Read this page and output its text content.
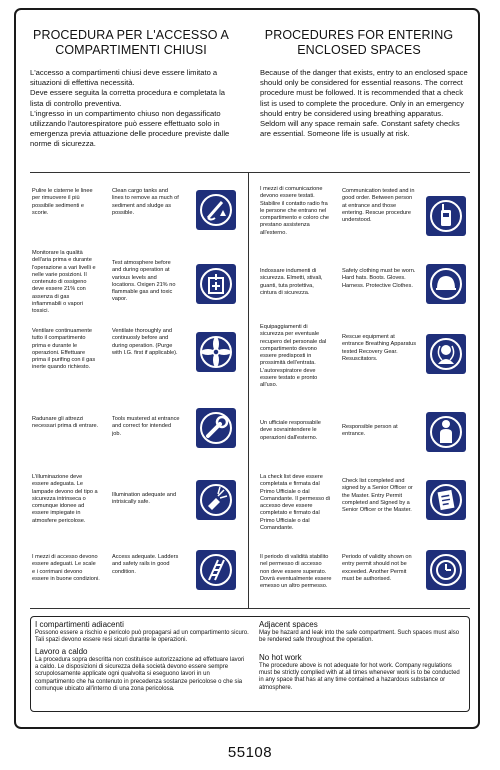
PROCEDURA PER L'ACCESSO A COMPARTIMENTI CHIUSI
PROCEDURES FOR ENTERING ENCLOSED SPACES

L'accesso a compartimenti chiusi deve essere limitato a situazioni di effettiva necessità.

Deve essere seguita la corretta procedura e completata la lista di controllo preventiva.

L'ingresso in un compartimento chiuso non degassificato utilizzando l'autorespiratore può essere effettuato solo in emergenza previa attuazione delle procedure previste dalle norme di sicurezza.

Because of the danger that exists, entry to an enclosed space should only be considered for essential reasons. The correct procedure must be followed. It is recommended that a check list is used to complete the procedure. Only in an emergency should entry be considered using breathing apparatus. Seldom will any space remain safe. Constant safety checks are essential. Someone life is usually at risk.

Pulire le cisterne le linee per rimuovere il più possibile sedimenti e scorie.

Clean cargo tanks and lines to remove as much of sediment and sludge as possible.

Monitorare la qualità dell'aria prima e durante l'operazione a vari livelli e nelle varie posizioni. Il contenuto di ossigeno deve essere 21% con assenza di gas infiammabili o vapori tossici.

Test atmosphere before and during operation at various levels and locations. Oxigen 21% no flammable gas and toxic vapor.

Ventilare continuamente tutto il compartimento prima e durante le operazioni. Effettuare prima il purifing con il gas inerte quando richiesto.

Ventilate thoroughly and continuosly before and during operation. (Purge with I.G. first if applicable).

Radunare gli attrezzi necessari prima di entrare.

Tools mustered at entrance and correct for intended job.

L'illuminazione deve essere adeguata. Le lampade devono del tipo a sicurezza intrinseca o comunque idonee ad essere impiegate in atmosfere pericolose.

Illumination adequate and intrisically safe.

I mezzi di accesso devono essere adeguati. Le scale e i corrimani devono essere in buone condizioni.

Access adequate. Ladders and safety rails in good condition.

I mezzi di comunicazione devono essere testati. Stabilire il contatto radio fra le persone che entrano nel compartimento e coloro che prestano assistenza all'esterno.

Communication tested and in good order. Between person at entrance and those entering. Rescue procedure understood.

Indossare indumenti di sicurezza. Elmetti, stivali, guanti, tuta protettiva, cintura di sicurezza.

Safety clothing must be worn. Hard hats. Boots. Gloves. Harness. Protective Clothes.

Equipaggiamenti di sicurezza per eventuale recupero del personale dal compartimento devono essere predisposti in prossimità dell'entrata. L'autorespiratore deve essere testato e pronto all'uso.

Rescue equipment at entrance Breathing Apparatus tested Recovery Gear. Resuscitators.

Un ufficiale responsabile deve sovraintendere le operazioni dall'esterno.

Responsible person at entrance.

La check list deve essere completata e firmata dal Primo Ufficiale o dal Comandante. Il permesso di accesso deve essere completato e firmato dal Primo Ufficiale o dal Comandante.

Check list completed and signed by a Senior Officer or the Master. Entry Permit completed and Signed by a Senior Officer or the Master.

Il periodo di validità stabilito nel permesso di accesso non deve essere superato. Dovrà eventualmente essere emesso un altro permesso.

Periodo of validity shown on entry permit should not be exceeded. Another Permit must be authorised.

I compartimenti adiacenti

Possono essere a rischio e pericolo può propagarsi ad un compartimento sicuro. Tali spazi devono essere resi sicuri durante le operazioni.

Lavoro a caldo

La procedura sopra descritta non costituisce autorizzazione ad effettuare lavori a caldo. Le disposizioni di sicurezza della società devono essere sempre scrupolosamente applicate ogni qualvolta si eseguono lavori in un compartimento che ha contenuto in precedenza sostanze pericolose o che sia comunque ubicato all'interno di una zona pericolosa.

Adjacent spaces

May be hazard and leak into the safe compartment. Such spaces must also be rendered safe throughout the operation.

No hot work

The procedure above is not adequate for hot work. Company regulations must be strictly complied with at all times whenever work is to be conducted in any space that has at any time contained a hazardous substance or atmosphere.

55108
